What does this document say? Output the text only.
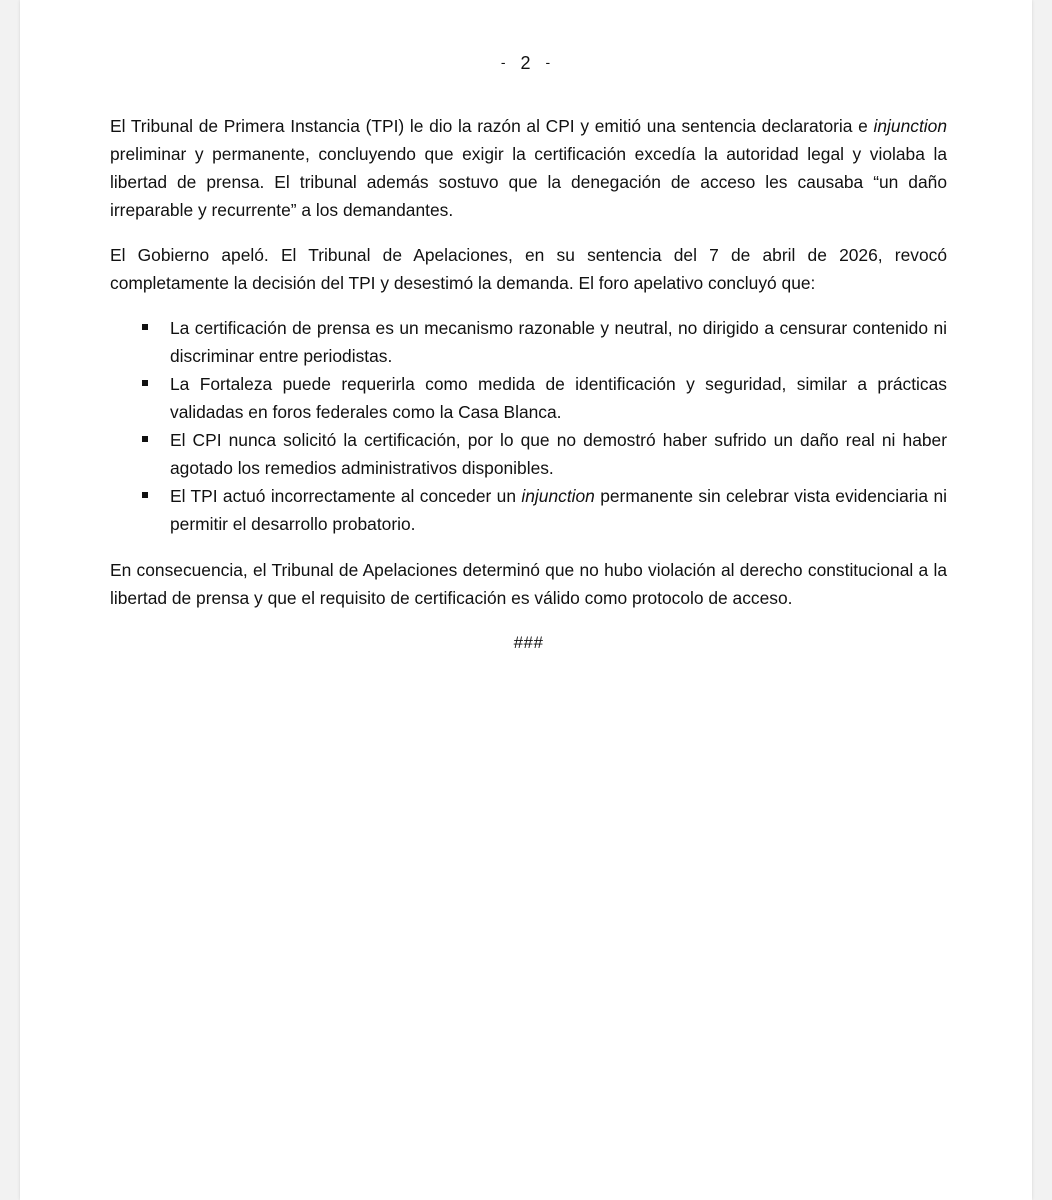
- 2 -

El Tribunal de Primera Instancia (TPI) le dio la razón al CPI y emitió una sentencia declaratoria e injunction preliminar y permanente, concluyendo que exigir la certificación excedía la autoridad legal y violaba la libertad de prensa. El tribunal además sostuvo que la denegación de acceso les causaba “un daño irreparable y recurrente” a los demandantes.

El Gobierno apeló. El Tribunal de Apelaciones, en su sentencia del 7 de abril de 2026, revocó completamente la decisión del TPI y desestimó la demanda. El foro apelativo concluyó que:

La certificación de prensa es un mecanismo razonable y neutral, no dirigido a censurar contenido ni discriminar entre periodistas.
La Fortaleza puede requerirla como medida de identificación y seguridad, similar a prácticas validadas en foros federales como la Casa Blanca.
El CPI nunca solicitó la certificación, por lo que no demostró haber sufrido un daño real ni haber agotado los remedios administrativos disponibles.
El TPI actuó incorrectamente al conceder un injunction permanente sin celebrar vista evidenciaria ni permitir el desarrollo probatorio.

En consecuencia, el Tribunal de Apelaciones determinó que no hubo violación al derecho constitucional a la libertad de prensa y que el requisito de certificación es válido como protocolo de acceso.

###
